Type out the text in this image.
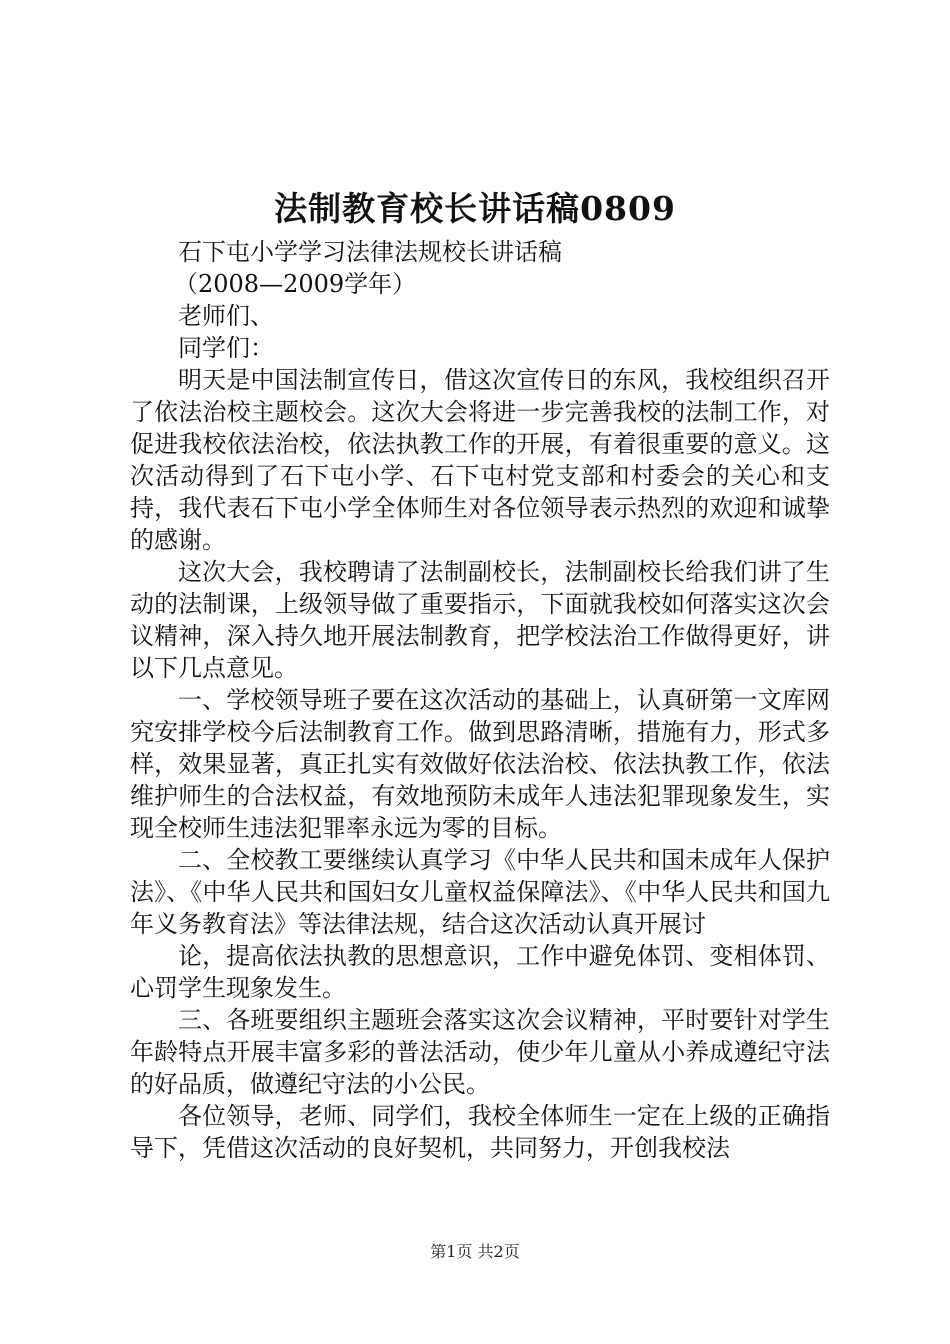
法制教育校长讲话稿0809

石下屯小学学习法律法规校长讲话稿

（2008—2009学年）

老师们、

同学们：

明天是中国法制宣传日，借这次宣传日的东风，我校组织召开了依法治校主题校会。这次大会将进一步完善我校的法制工作，对促进我校依法治校，依法执教工作的开展，有着很重要的意义。这次活动得到了石下屯小学、石下屯村党支部和村委会的关心和支持，我代表石下屯小学全体师生对各位领导表示热烈的欢迎和诚挚的感谢。

这次大会，我校聘请了法制副校长，法制副校长给我们讲了生动的法制课，上级领导做了重要指示，下面就我校如何落实这次会议精神，深入持久地开展法制教育，把学校法治工作做得更好，讲以下几点意见。

一、学校领导班子要在这次活动的基础上，认真研第一文库网究安排学校今后法制教育工作。做到思路清晰，措施有力，形式多样，效果显著，真正扎实有效做好依法治校、依法执教工作，依法维护师生的合法权益，有效地预防未成年人违法犯罪现象发生，实现全校师生违法犯罪率永远为零的目标。

二、全校教工要继续认真学习《中华人民共和国未成年人保护法》、《中华人民共和国妇女儿童权益保障法》、《中华人民共和国九年义务教育法》等法律法规，结合这次活动认真开展讨

论，提高依法执教的思想意识，工作中避免体罚、变相体罚、心罚学生现象发生。

三、各班要组织主题班会落实这次会议精神，平时要针对学生年龄特点开展丰富多彩的普法活动，使少年儿童从小养成遵纪守法的好品质，做遵纪守法的小公民。

各位领导，老师、同学们，我校全体师生一定在上级的正确指导下，凭借这次活动的良好契机，共同努力，开创我校法

第1页 共2页
